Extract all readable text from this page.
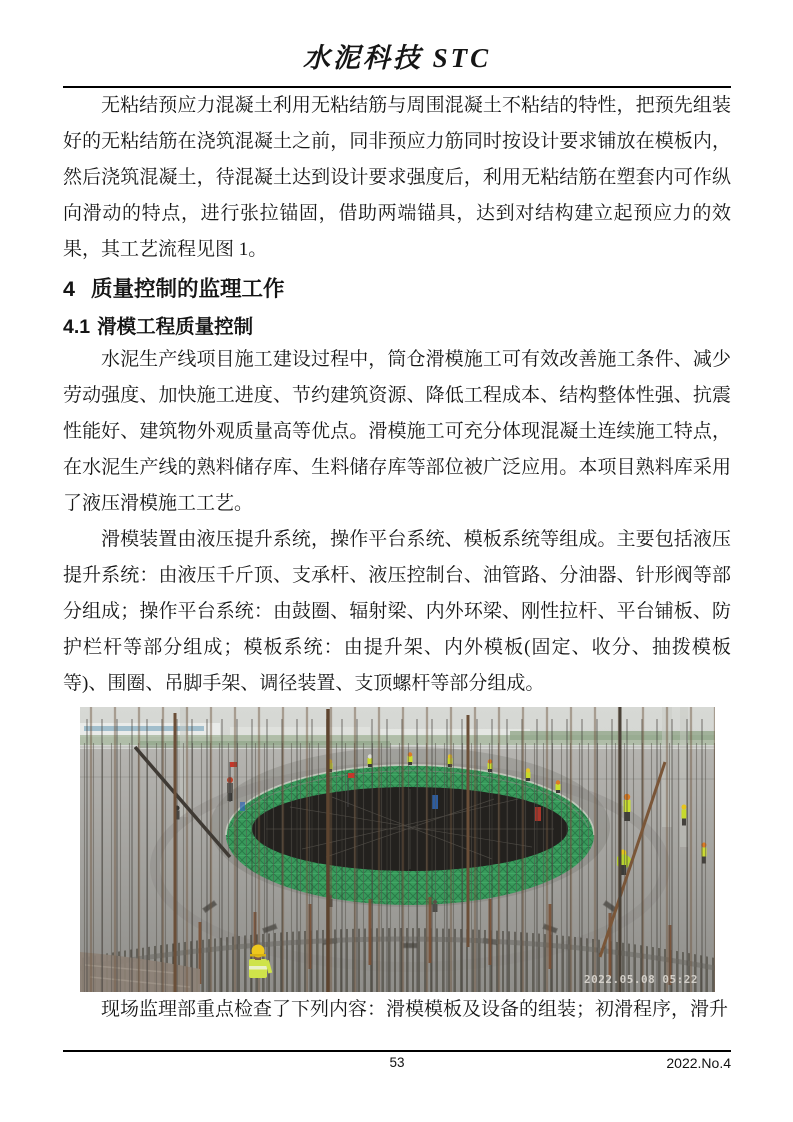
水泥科技 STC

无粘结预应力混凝土利用无粘结筋与周围混凝土不粘结的特性，把预先组装好的无粘结筋在浇筑混凝土之前，同非预应力筋同时按设计要求铺放在模板内，然后浇筑混凝土，待混凝土达到设计要求强度后，利用无粘结筋在塑套内可作纵向滑动的特点，进行张拉锚固，借助两端锚具，达到对结构建立起预应力的效果，其工艺流程见图 1。

4 质量控制的监理工作
4.1 滑模工程质量控制

水泥生产线项目施工建设过程中，筒仓滑模施工可有效改善施工条件、减少劳动强度、加快施工进度、节约建筑资源、降低工程成本、结构整体性强、抗震性能好、建筑物外观质量高等优点。滑模施工可充分体现混凝土连续施工特点，在水泥生产线的熟料储存库、生料储存库等部位被广泛应用。本项目熟料库采用了液压滑模施工工艺。

滑模装置由液压提升系统，操作平台系统、模板系统等组成。主要包括液压提升系统：由液压千斤顶、支承杆、液压控制台、油管路、分油器、针形阀等部分组成；操作平台系统：由鼓圈、辐射梁、内外环梁、刚性拉杆、平台铺板、防护栏杆等部分组成；模板系统：由提升架、内外模板(固定、收分、抽拨模板等)、围圈、吊脚手架、调径装置、支顶螺杆等部分组成。

2022.05.08 05:22

现场监理部重点检查了下列内容：滑模模板及设备的组装；初滑程序，滑升

53	2022.No.4
